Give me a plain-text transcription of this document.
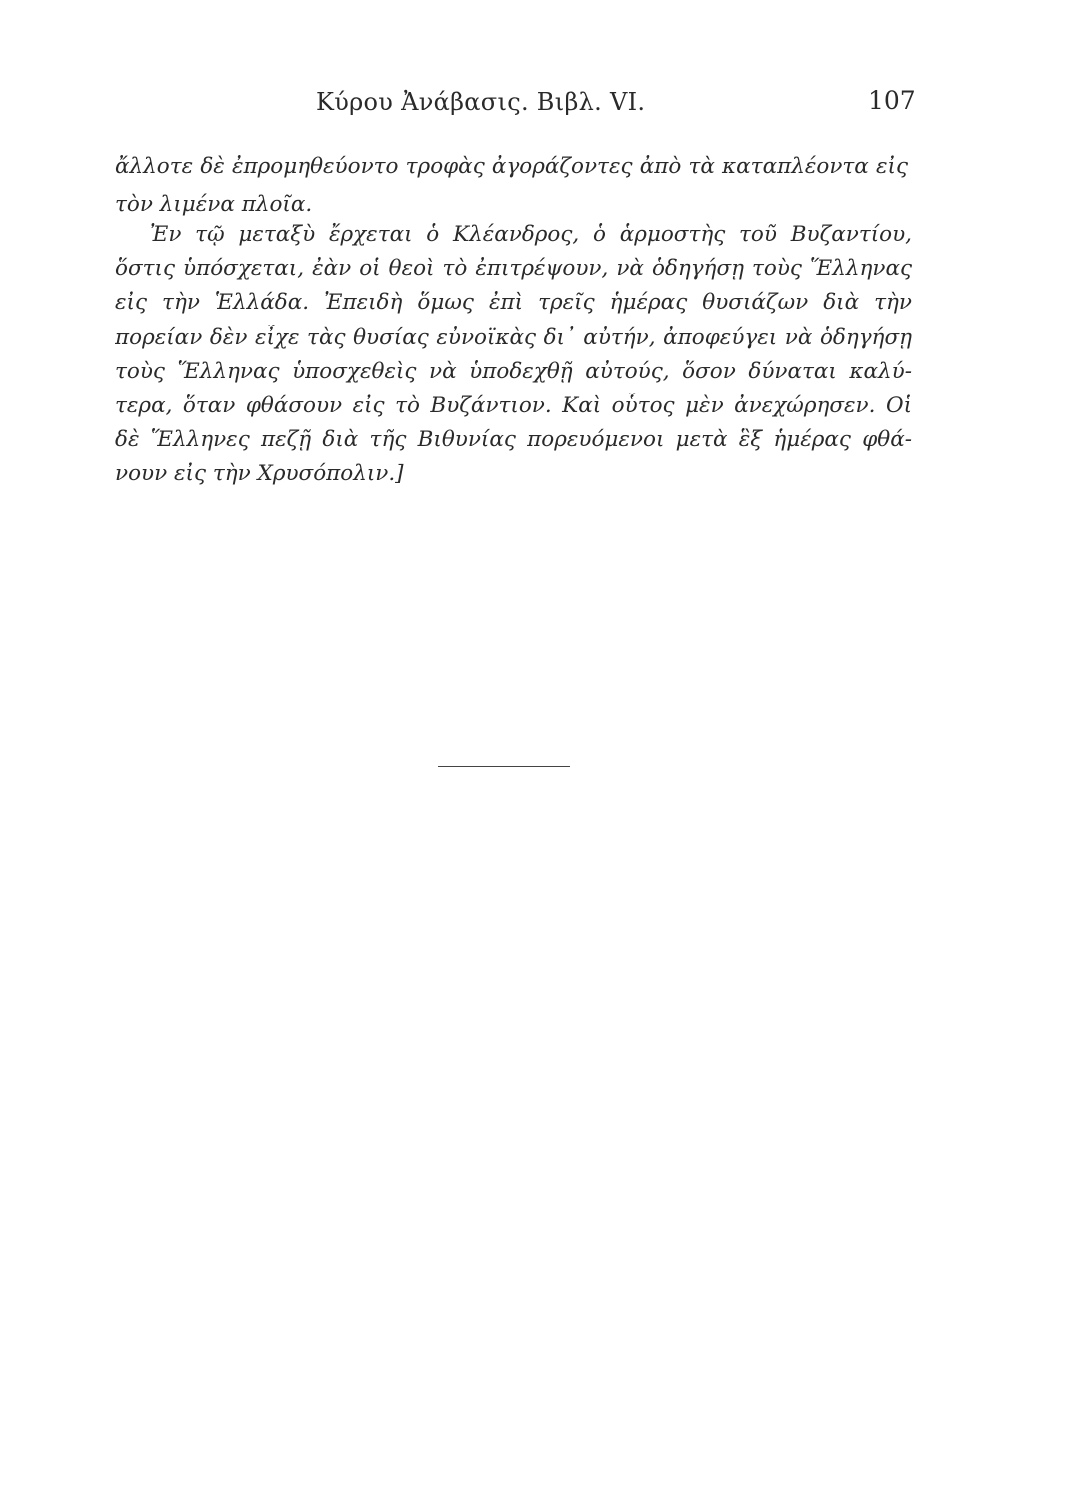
Κύρου Ἀνάβασις. Βιβλ. VI.	107
ἄλλοτε δὲ ἐπρομηθεύοντο τροφὰς ἀγοράζοντες ἀπὸ τὰ καταπλέοντα εἰς
τὸν λιμένα πλοῖα.
Ἐν τῷ μεταξὺ ἔρχεται ὁ Κλέανδρος, ὁ ἁρμοστὴς τοῦ Βυζαντίου,
ὅστις ὑπόσχεται, ἐὰν οἱ θεοὶ τὸ ἐπιτρέψουν, νὰ ὁδηγήσῃ τοὺς Ἕλληνας
εἰς τὴν Ἑλλάδα. Ἐπειδὴ ὅμως ἐπὶ τρεῖς ἡμέρας θυσιάζων διὰ τὴν
πορείαν δὲν εἶχε τὰς θυσίας εὐνοϊκὰς δι᾽ αὐτήν, ἀποφεύγει νὰ ὁδηγήσῃ
τοὺς Ἕλληνας ὑποσχεθεὶς νὰ ὑποδεχθῇ αὐτούς, ὅσον δύναται καλύ-
τερα, ὅταν φθάσουν εἰς τὸ Βυζάντιον. Καὶ οὗτος μὲν ἀνεχώρησεν. Οἱ
δὲ Ἕλληνες πεζῇ διὰ τῆς Βιθυνίας πορευόμενοι μετὰ ἓξ ἡμέρας φθά-
νουν εἰς τὴν Χρυσόπολιν.]
